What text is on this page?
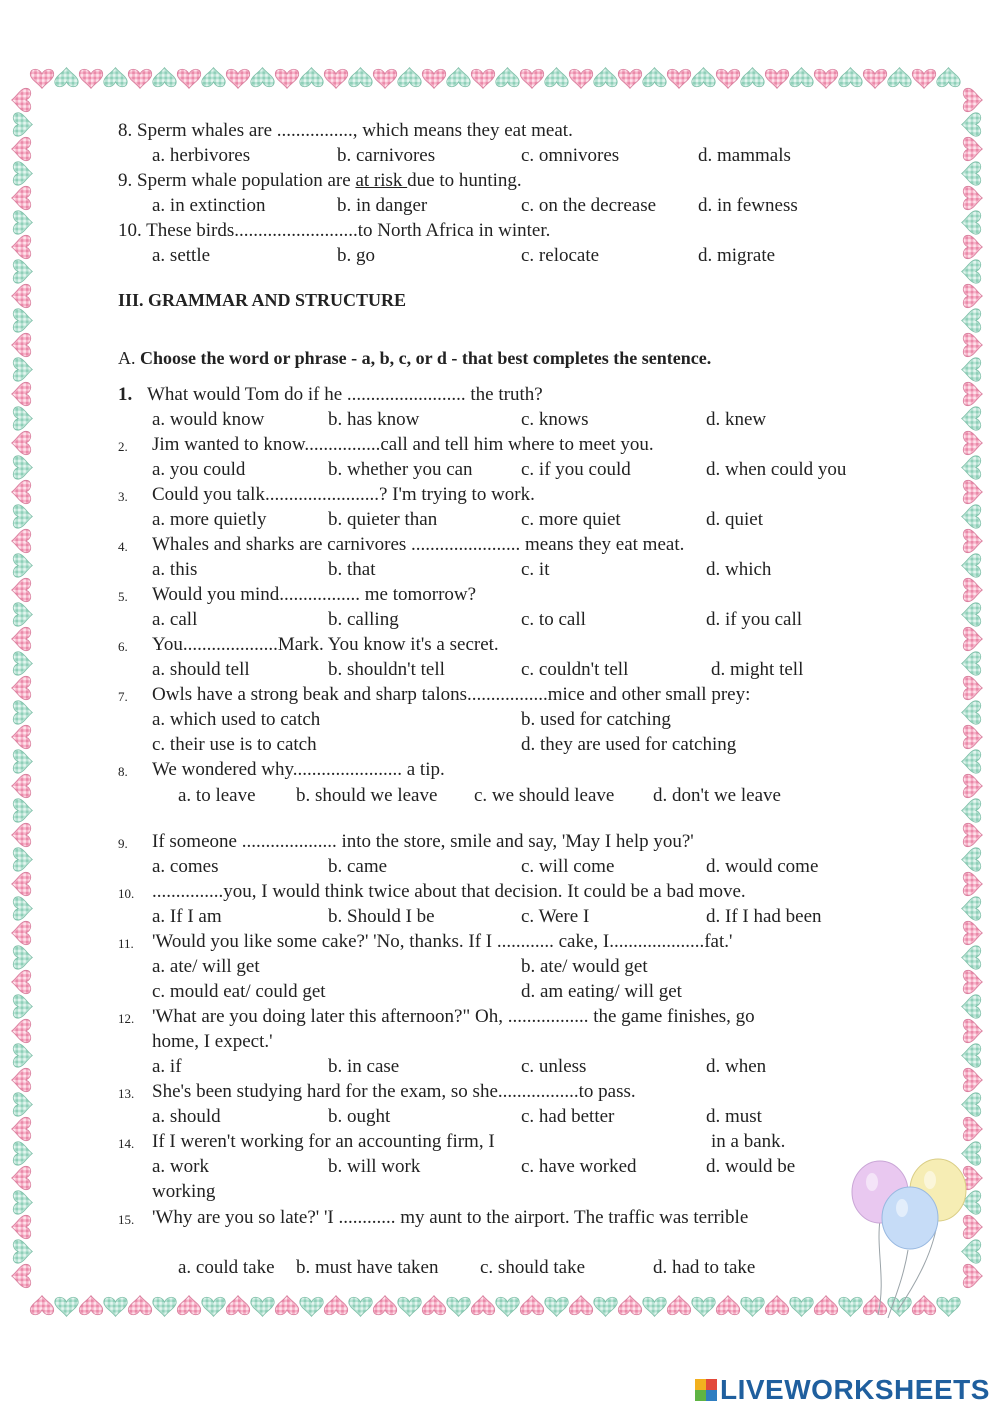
8. Sperm whales are ................, which means they eat meat.
a. herbivores	b. carnivores	c. omnivores	d. mammals
9. Sperm whale population are at risk due to hunting.
a. in extinction	b. in danger	c. on the decrease d. in fewness
10. These birds..........................to North Africa in winter.
a. settle	b. go	c. relocate	d. migrate
III. GRAMMAR AND STRUCTURE
A. Choose the word or phrase - a, b, c, or d - that best completes the sentence.
1. What would Tom do if he ......................... the truth?
a. would know	b. has know	c. knows	d. knew
2. Jim wanted to know................call and tell him where to meet you.
a. you could	b. whether you can	c. if you could	d. when could you
3. Could you talk........................? I'm trying to work.
a. more quietly	b. quieter than	c. more quiet	d. quiet
4. Whales and sharks are carnivores ....................... means they eat meat.
a. this	b. that	c. it	d. which
5. Would you mind................. me tomorrow?
a. call	b. calling	c. to call	d. if you call
6. You....................Mark. You know it's a secret.
a. should tell	b. shouldn't tell	c. couldn't tell	d. might tell
7. Owls have a strong beak and sharp talons.................mice and other small prey:
a. which used to catch	b. used for catching
c. their use is to catch	d. they are used for catching
8. We wondered why....................... a tip.
a. to leave b. should we leave c. we should leave d. don't we leave
9. If someone .................... into the store, smile and say, 'May I help you?'
a. comes	b. came	c. will come	d. would come
10. ...............you, I would think twice about that decision. It could be a bad move.
a. If I am	b. Should I be	c. Were I	d. If I had been
11. 'Would you like some cake?' 'No, thanks. If I ............ cake, I....................fat.'
a. ate/ will get	b. ate/ would get
c. mould eat/ could get	d. am eating/ will get
12. 'What are you doing later this afternoon?" Oh, ................. the game finishes, go
home, I expect.'
a. if	b. in case	c. unless	d. when
13. She's been studying hard for the exam, so she.................to pass.
a. should	b. ought	c. had better	d. must
14. If I weren't working for an accounting firm, I	in a bank.
a. work	b. will work	c. have worked	d. would be
working
15. 'Why are you so late?' 'I ............ my aunt to the airport. The traffic was terrible
a. could take b. must have taken c. should take	d. had to take
LIVEWORKSHEETS
